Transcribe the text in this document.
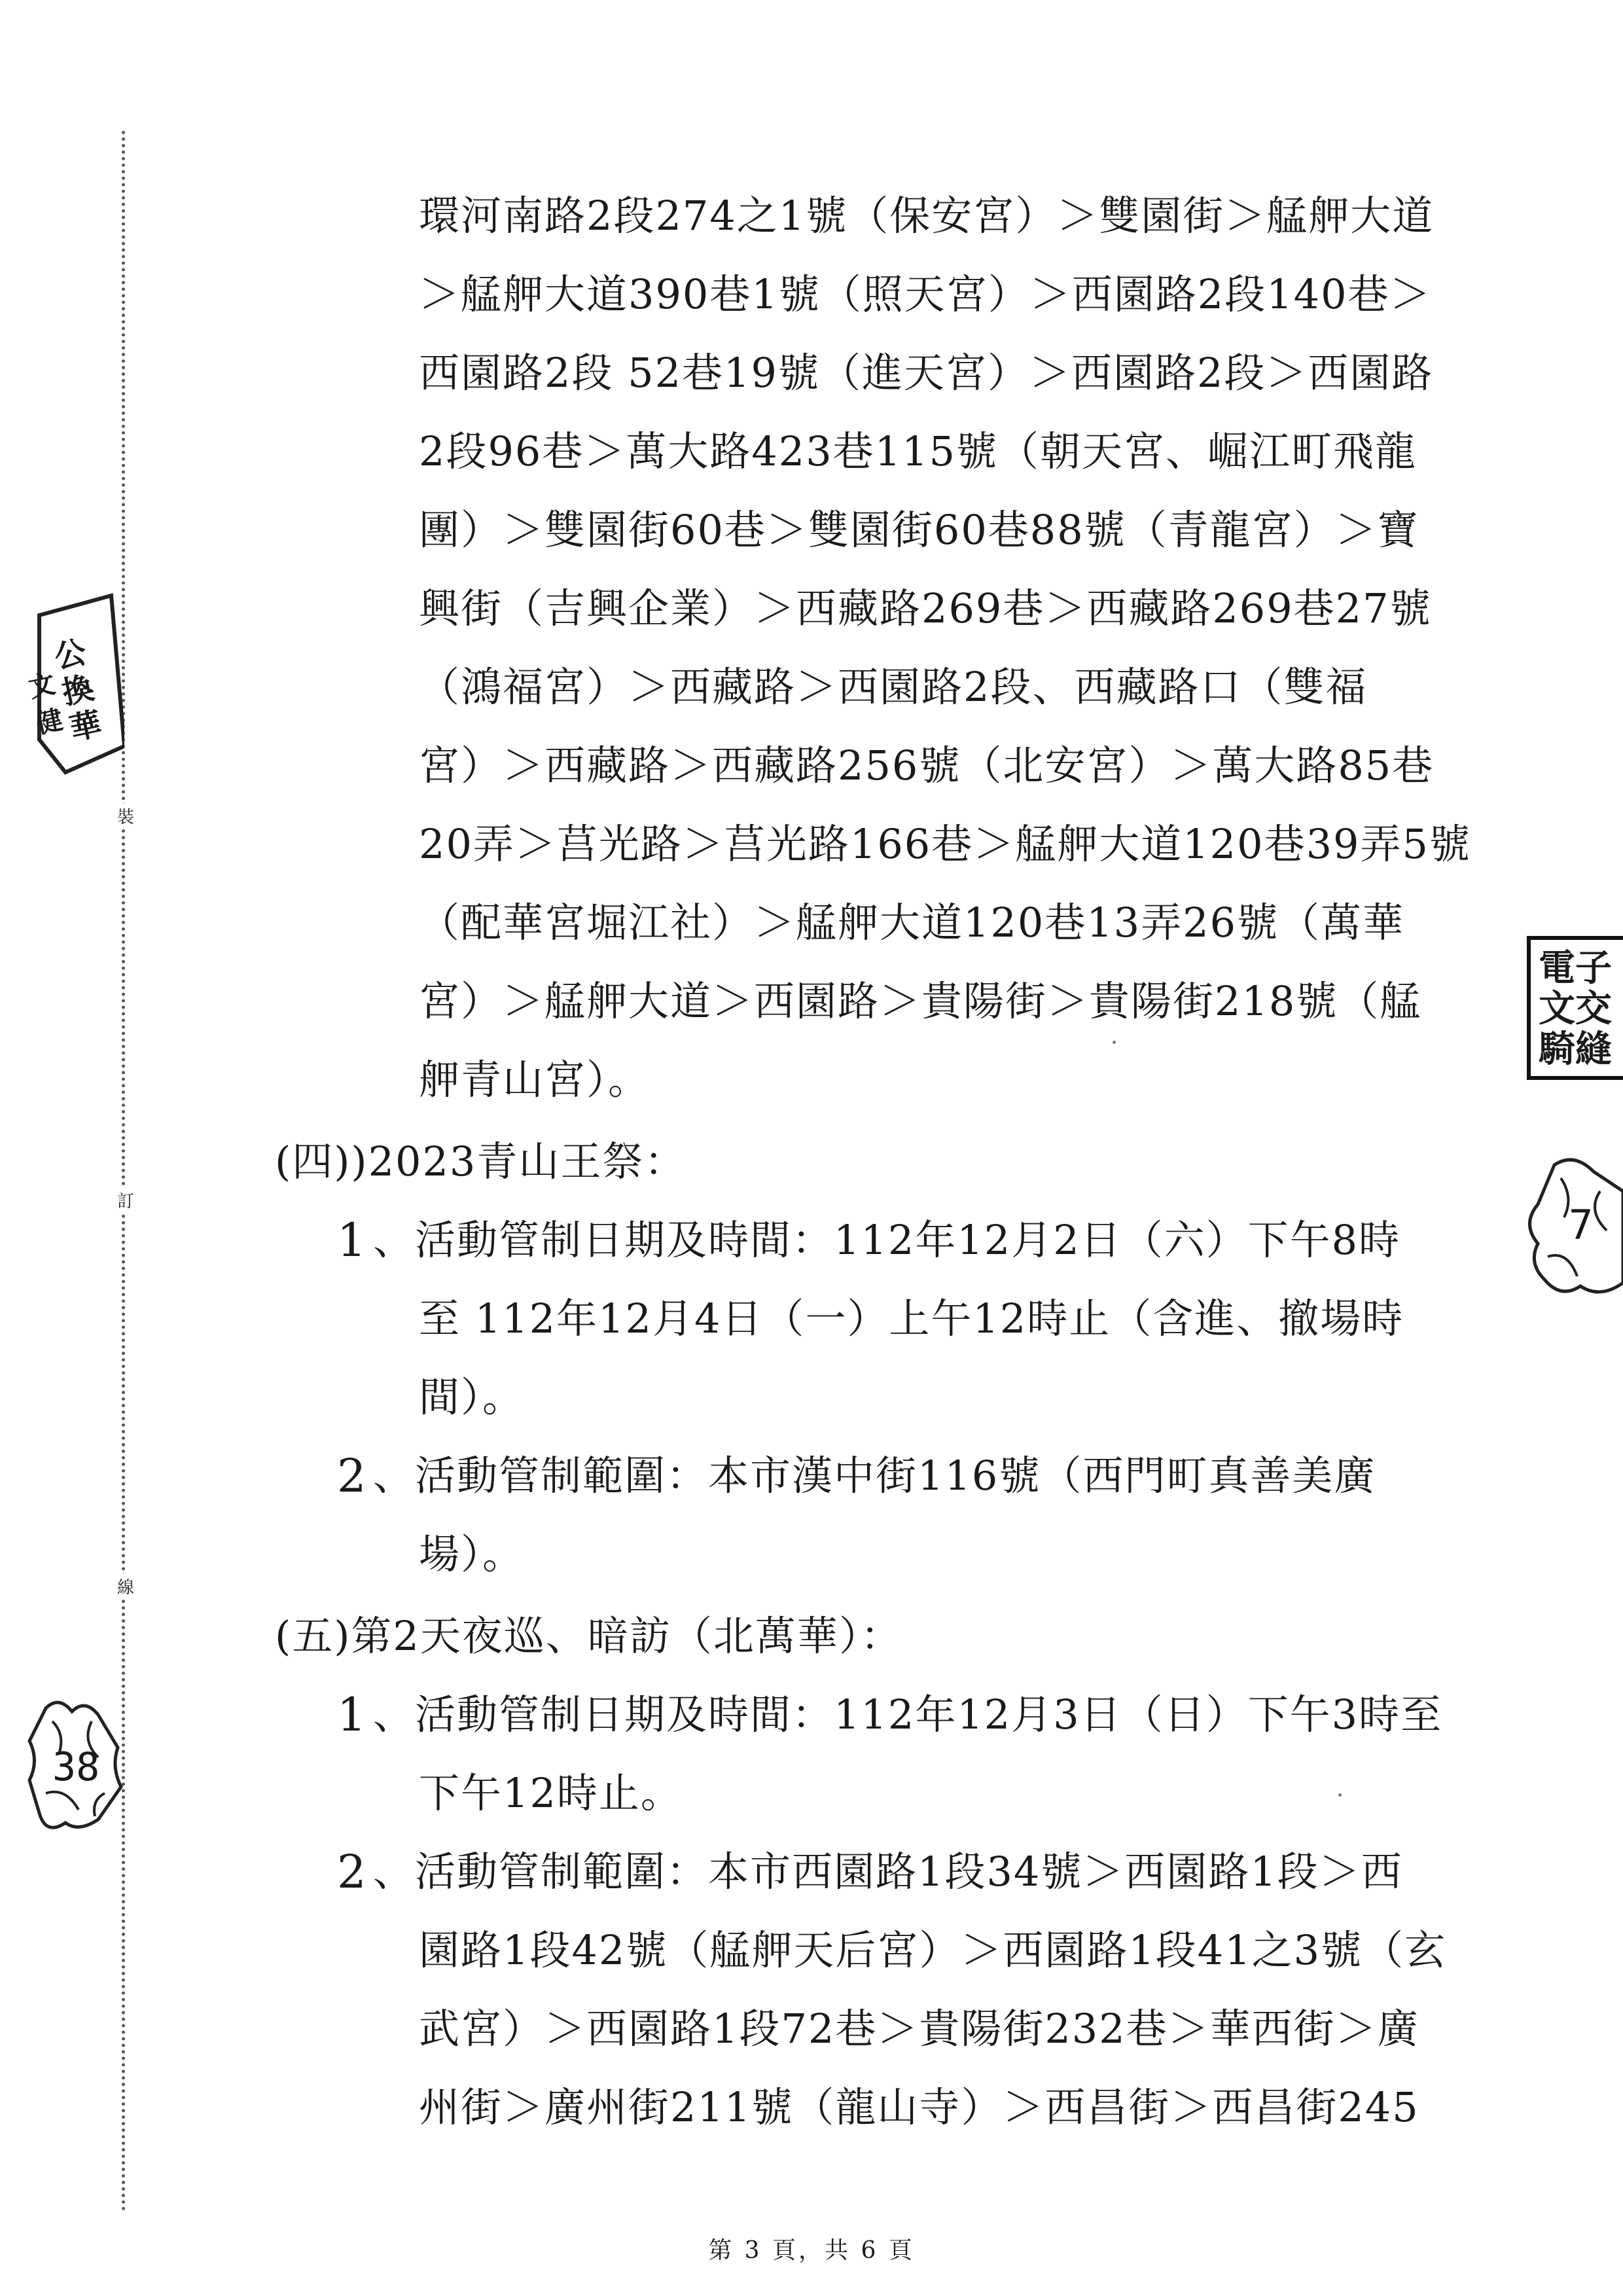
裝
訂
線
公換華
文健
38
電子
文交
騎縫
7

環河南路2段274之1號（保安宮）＞雙園街＞艋舺大道

＞艋舺大道390巷1號（照天宮）＞西園路2段140巷＞

西園路2段 52巷19號（進天宮）＞西園路2段＞西園路

2段96巷＞萬大路423巷115號（朝天宮、崛江町飛龍

團）＞雙園街60巷＞雙園街60巷88號（青龍宮）＞寶

興街（吉興企業）＞西藏路269巷＞西藏路269巷27號

（鴻福宮）＞西藏路＞西園路2段、西藏路口（雙福

宮）＞西藏路＞西藏路256號（北安宮）＞萬大路85巷

20弄＞莒光路＞莒光路166巷＞艋舺大道120巷39弄5號

（配華宮堀江社）＞艋舺大道120巷13弄26號（萬華

宮）＞艋舺大道＞西園路＞貴陽街＞貴陽街218號（艋

舺青山宮）。

(四))2023青山王祭：

1 、活動管制日期及時間：112年12月2日（六）下午8時

至 112年12月4日（一）上午12時止（含進、撤場時

間）。

2 、活動管制範圍：本市漢中街116號（西門町真善美廣

場）。

(五)第2天夜巡、暗訪（北萬華）：

1 、活動管制日期及時間：112年12月3日（日）下午3時至

下午12時止。

2 、活動管制範圍：本市西園路1段34號＞西園路1段＞西

園路1段42號（艋舺天后宮）＞西園路1段41之3號（玄

武宮）＞西園路1段72巷＞貴陽街232巷＞華西街＞廣

州街＞廣州街211號（龍山寺）＞西昌街＞西昌街245

第 3 頁，共 6 頁
